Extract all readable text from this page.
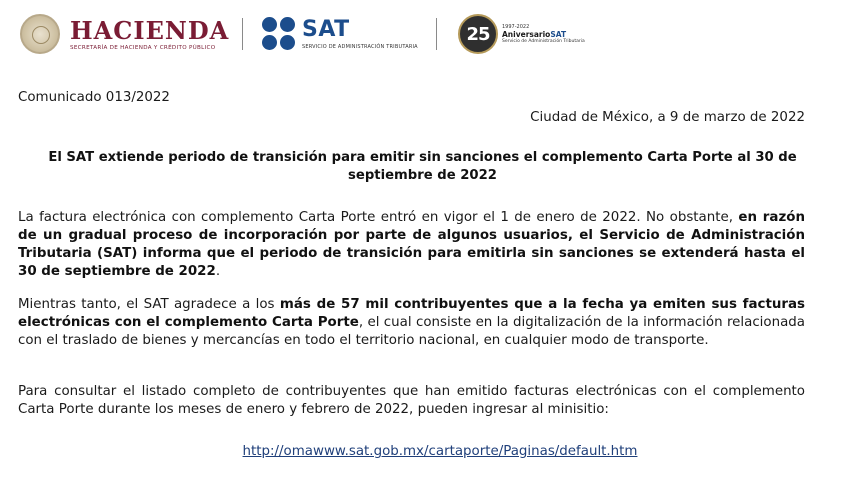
HACIENDA
SECRETARÍA DE HACIENDA Y CRÉDITO PÚBLICO
SAT
SERVICIO DE ADMINISTRACIÓN TRIBUTARIA
25 1997-2022
AniversarioSAT
Servicio de Administración Tributaria
Comunicado 013/2022
Ciudad de México, a 9 de marzo de 2022
El SAT extiende periodo de transición para emitir sin sanciones el complemento Carta Porte al 30 de septiembre de 2022

La factura electrónica con complemento Carta Porte entró en vigor el 1 de enero de 2022. No obstante, en razón de un gradual proceso de incorporación por parte de algunos usuarios, el Servicio de Administración Tributaria (SAT) informa que el periodo de transición para emitirla sin sanciones se extenderá hasta el 30 de septiembre de 2022.

Mientras tanto, el SAT agradece a los más de 57 mil contribuyentes que a la fecha ya emiten sus facturas electrónicas con el complemento Carta Porte, el cual consiste en la digitalización de la información relacionada con el traslado de bienes y mercancías en todo el territorio nacional, en cualquier modo de transporte.

Para consultar el listado completo de contribuyentes que han emitido facturas electrónicas con el complemento Carta Porte durante los meses de enero y febrero de 2022, pueden ingresar al minisitio:

http://omawww.sat.gob.mx/cartaporte/Paginas/default.htm
